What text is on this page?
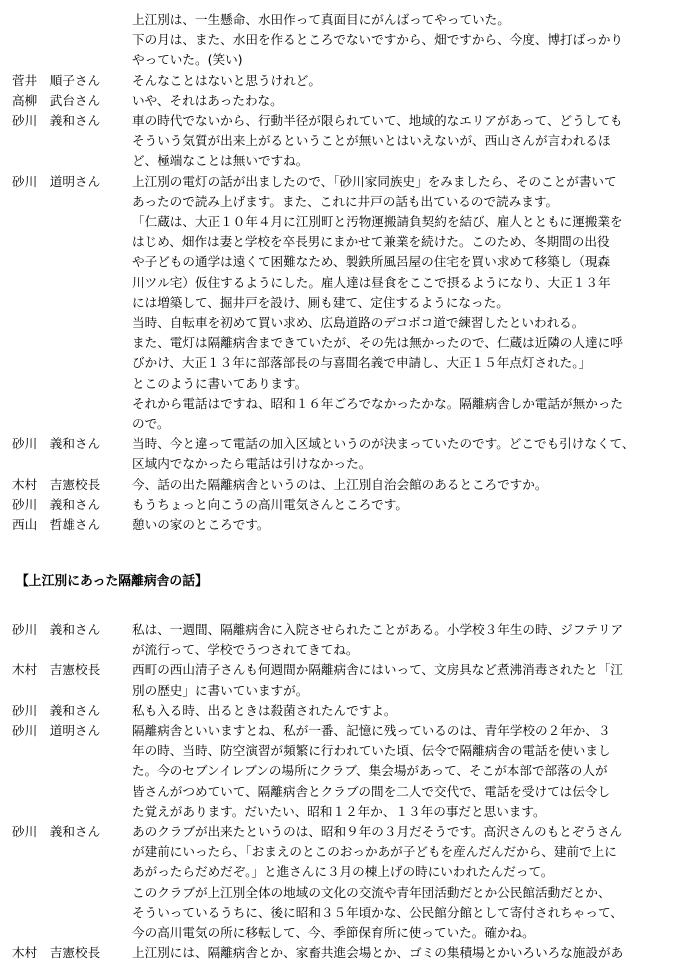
上江別は、一生懸命、水田作って真面目にがんばってやっていた。
下の月は、また、水田を作るところでないですから、畑ですから、今度、博打ばっかり
やっていた。(笑い)
菅井　順子さん	そんなことはないと思うけれど。
高柳　武台さん	いや、それはあったわな。
砂川　義和さん	車の時代でないから、行動半径が限られていて、地域的なエリアがあって、どうしても
そういう気質が出来上がるということが無いとはいえないが、西山さんが言われるほ
ど、極端なことは無いですね。
砂川　道明さん	上江別の電灯の話が出ましたので、「砂川家同族史」をみましたら、そのことが書いて
あったので読み上げます。また、これに井戸の話も出ているので読みます。
「仁蔵は、大正１０年４月に江別町と汚物運搬請負契約を結び、雇人とともに運搬業を
はじめ、畑作は妻と学校を卒長男にまかせて兼業を続けた。このため、冬期間の出役
や子どもの通学は遠くて困難なため、製鉄所風呂屋の住宅を買い求めて移築し（現森
川ツル宅）仮住するようにした。雇人達は昼食をここで摂るようになり、大正１３年
には増築して、掘井戸を設け、厠も建て、定住するようになった。
当時、自転車を初めて買い求め、広島道路のデコボコ道で練習したといわれる。
また、電灯は隔離病舎まできていたが、その先は無かったので、仁蔵は近隣の人達に呼
びかけ、大正１３年に部落部長の与喜間名義で申請し、大正１５年点灯された。」
とこのように書いてあります。
それから電話はですね、昭和１６年ごろでなかったかな。隔離病舎しか電話が無かった
ので。
砂川　義和さん	当時、今と違って電話の加入区域というのが決まっていたのです。どこでも引けなくて、
区域内でなかったら電話は引けなかった。
木村　吉憲校長	今、話の出た隔離病舎というのは、上江別自治会館のあるところですか。
砂川　義和さん	もうちょっと向こうの高川電気さんところです。
西山　哲雄さん	憩いの家のところです。
【上江別にあった隔離病舎の話】
砂川　義和さん	私は、一週間、隔離病舎に入院させられたことがある。小学校３年生の時、ジフテリア
が流行って、学校でうつされてきてね。
木村　吉憲校長	西町の西山清子さんも何週間か隔離病舎にはいって、文房具など煮沸消毒されたと「江
別の歴史」に書いていますが。
砂川　義和さん	私も入る時、出るときは殺菌されたんですよ。
砂川　道明さん	隔離病舎といいますとね、私が一番、記憶に残っているのは、青年学校の２年か、３
年の時、当時、防空演習が頻繁に行われていた頃、伝令で隔離病舎の電話を使いまし
た。今のセブンイレブンの場所にクラブ、集会場があって、そこが本部で部落の人が
皆さんがつめていて、隔離病舎とクラブの間を二人で交代で、電話を受けては伝令し
た覚えがあります。だいたい、昭和１２年か、１３年の事だと思います。
砂川　義和さん	あのクラブが出来たというのは、昭和９年の３月だそうです。高沢さんのもとぞうさん
が建前にいったら、「おまえのとこのおっかあが子どもを産んだんだから、建前で上に
あがったらだめだぞ。」と進さんに３月の棟上げの時にいわれたんだって。
このクラブが上江別全体の地域の文化の交流や青年団活動だとか公民館活動だとか、
そういっているうちに、後に昭和３５年頃かな、公民館分館として寄付されちゃって、
今の高川電気の所に移転して、今、季節保育所に使っていた。確かね。
木村　吉憲校長	上江別には、隔離病舎とか、家畜共進会場とか、ゴミの集積場とかいろいろな施設があ
